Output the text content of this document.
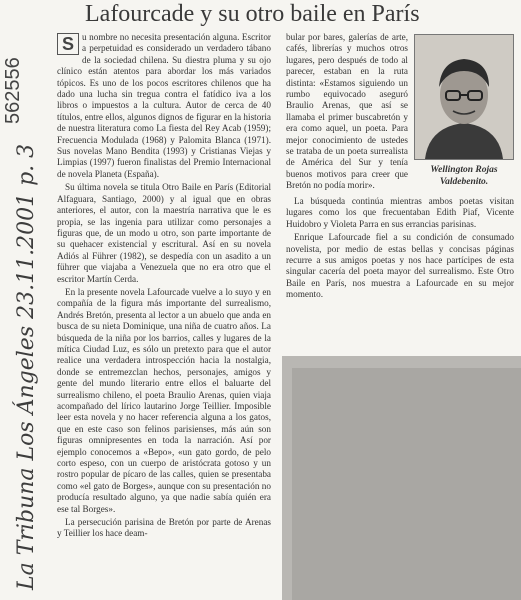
Lafourcade y su otro baile en París
562556
La Tribuna Los Ángeles 23.11.2001 p. 3

S u nombre no necesita presentación alguna. Escritor a perpetuidad es considerado un verdadero tábano de la sociedad chilena. Su diestra pluma y su ojo clínico están atentos para abordar los más variados tópicos. Es uno de los pocos escritores chilenos que ha dado una lucha sin tregua contra el fatídico iva a los libros o impuestos a la cultura. Autor de cerca de 40 títulos, entre ellos, algunos dignos de figurar en la historia de nuestra literatura como La fiesta del Rey Acab (1959); Frecuencia Modulada (1968) y Palomita Blanca (1971). Sus novelas Mano Bendita (1993) y Cristianas Viejas y Limpias (1997) fueron finalistas del Premio Internacional de novela Planeta (España).

Su última novela se titula Otro Baile en París (Editorial Alfaguara, Santiago, 2000) y al igual que en obras anteriores, el autor, con la maestría narrativa que le es propia, se las ingenia para utilizar como personajes a figuras que, de un modo u otro, son parte importante de su quehacer existencial y escritural. Así en su novela Adiós al Führer (1982), se despedía con un asadito a un führer que viajaba a Venezuela que no era otro que el escritor Martín Cerda.

En la presente novela Lafourcade vuelve a lo suyo y en compañía de la figura más importante del surrealismo, Andrés Bretón, presenta al lector a un abuelo que anda en busca de su nieta Dominique, una niña de cuatro años. La búsqueda de la niña por los barrios, calles y lugares de la mítica Ciudad Luz, es sólo un pretexto para que el autor realice una verdadera introspección hacia la nostalgia, donde se entremezclan hechos, personajes, amigos y gente del mundo literario entre ellos el baluarte del surrealismo chileno, el poeta Braulio Arenas, quien viaja acompañado del lírico lautarino Jorge Teillier. Imposible leer esta novela y no hacer referencia alguna a los gatos, que en este caso son felinos parisienses, más aún son figuras omnipresentes en toda la narración. Así por ejemplo conocemos a «Bepo», «un gato gordo, de pelo corto espeso, con un cuerpo de aristócrata gotoso y un rostro popular de pícaro de las calles, quien se presentaba como «el gato de Borges», aunque con su presentación no producía resultado alguno, ya que nadie sabía quién era ese tal Borges».

La persecución parisina de Bretón por parte de Arenas y Teillier los hace deam-

bular por bares, galerías de arte, cafés, librerías y muchos otros lugares, pero después de todo al parecer, estaban en la ruta distinta: «Estamos siguiendo un rumbo equivocado aseguró Braulio Arenas, que así se llamaba el primer buscabretón y era como aquel, un poeta. Para mejor conocimiento de ustedes se trataba de un poeta surrealista de América del Sur y tenía buenos motivos para creer que Bretón no podía morir».

Wellington Rojas
Valdebenito.

La búsqueda continúa mientras ambos poetas visitan lugares como los que frecuentaban Edith Piaf, Vicente Huidobro y Violeta Parra en sus errancias parisinas.

Enrique Lafourcade fiel a su condición de consumado novelista, por medio de estas bellas y concisas páginas recurre a sus amigos poetas y nos hace partícipes de esta singular cacería del poeta mayor del surrealismo. Este Otro Baile en París, nos muestra a Lafourcade en su mejor momento.
